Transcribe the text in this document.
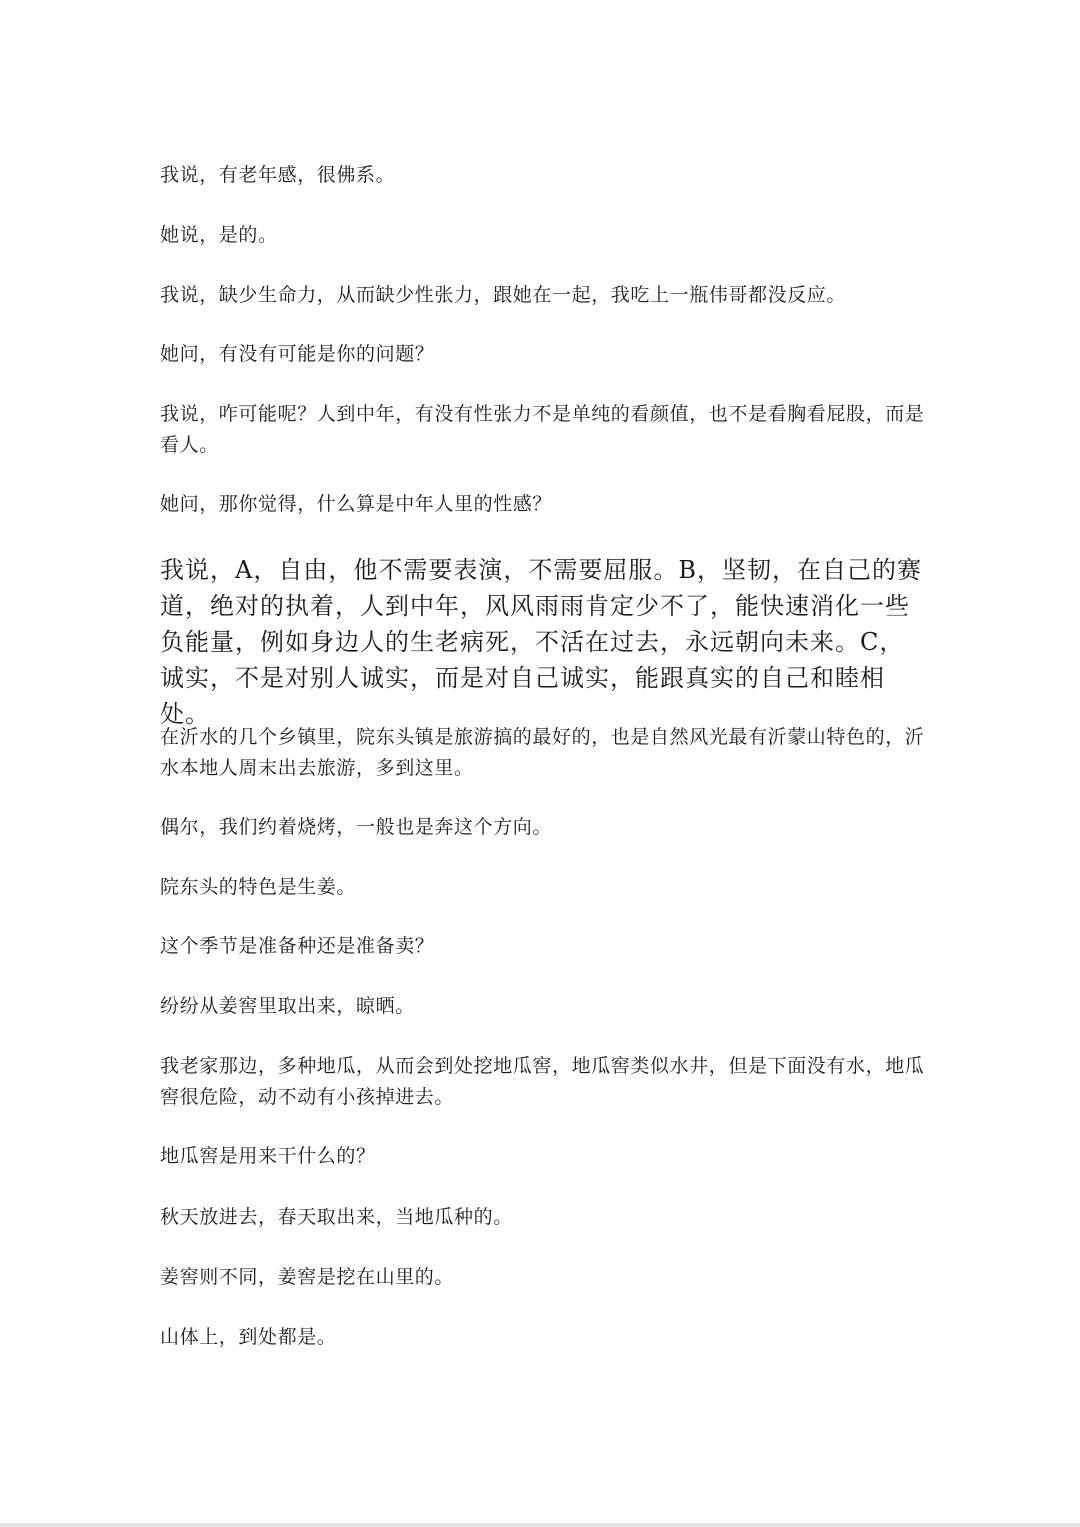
我说，有老年感，很佛系。

她说，是的。

我说，缺少生命力，从而缺少性张力，跟她在一起，我吃上一瓶伟哥都没反应。

她问，有没有可能是你的问题？

我说，咋可能呢？人到中年，有没有性张力不是单纯的看颜值，也不是看胸看屁股，而是看人。

她问，那你觉得，什么算是中年人里的性感？

我说，A，自由，他不需要表演，不需要屈服。B，坚韧，在自己的赛道，绝对的执着，人到中年，风风雨雨肯定少不了，能快速消化一些负能量，例如身边人的生老病死，不活在过去，永远朝向未来。C，诚实，不是对别人诚实，而是对自己诚实，能跟真实的自己和睦相处。

在沂水的几个乡镇里，院东头镇是旅游搞的最好的，也是自然风光最有沂蒙山特色的，沂水本地人周末出去旅游，多到这里。

偶尔，我们约着烧烤，一般也是奔这个方向。

院东头的特色是生姜。

这个季节是准备种还是准备卖？

纷纷从姜窖里取出来，晾晒。

我老家那边，多种地瓜，从而会到处挖地瓜窖，地瓜窖类似水井，但是下面没有水，地瓜窖很危险，动不动有小孩掉进去。

地瓜窖是用来干什么的？

秋天放进去，春天取出来，当地瓜种的。

姜窖则不同，姜窖是挖在山里的。

山体上，到处都是。
